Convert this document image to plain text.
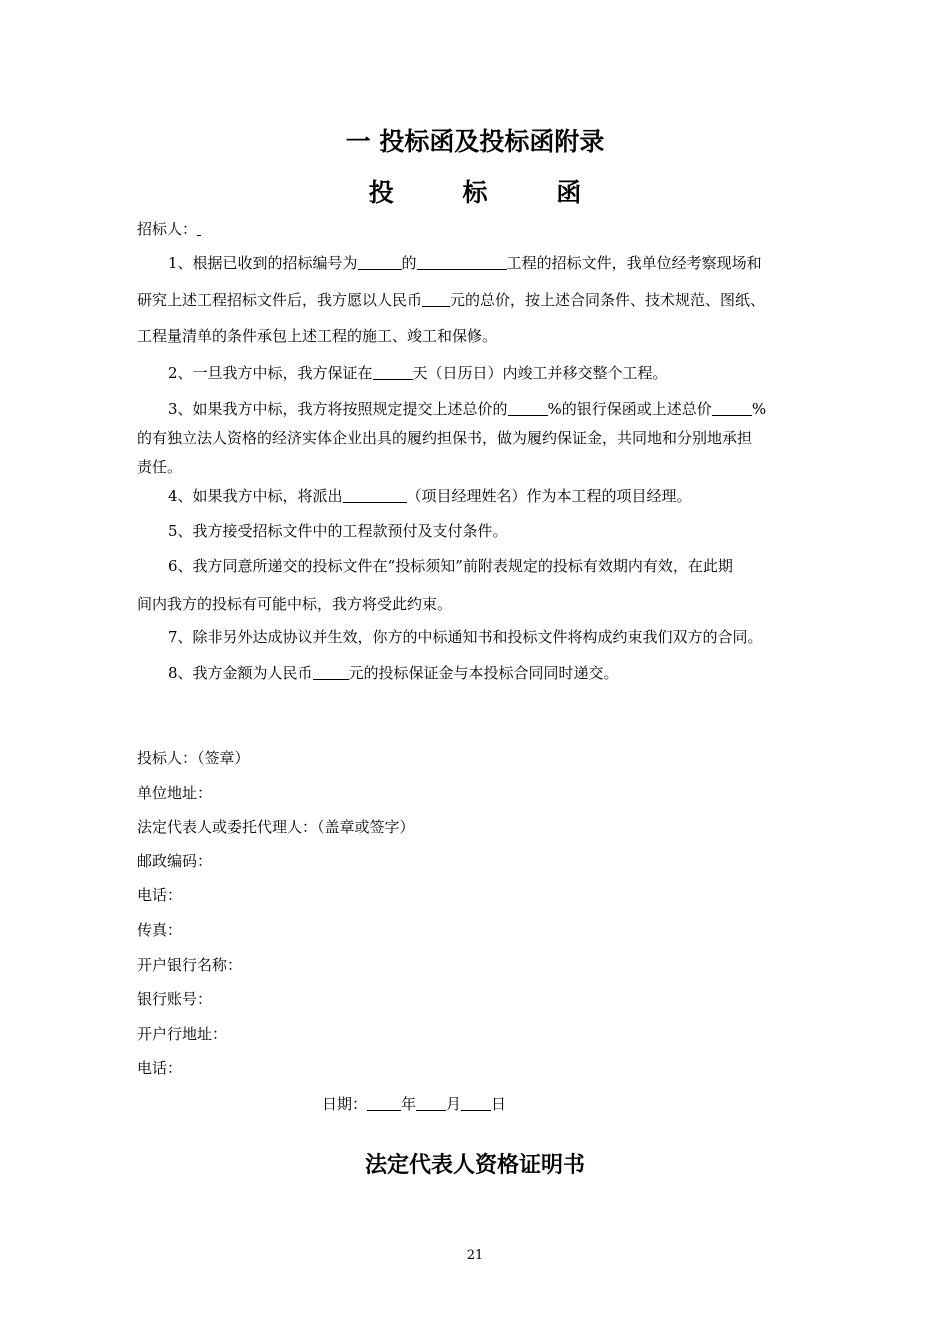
一 投标函及投标函附录
投 标 函
招标人：
1、根据已收到的招标编号为	的	工程的招标文件，我单位经考察现场和
研究上述工程招标文件后，我方愿以人民币 元的总价，按上述合同条件、技术规范、图纸、
工程量清单的条件承包上述工程的施工、竣工和保修。
2、一旦我方中标，我方保证在	天（日历日）内竣工并移交整个工程。
3、如果我方中标，我方将按照规定提交上述总价的	%的银行保函或上述总价	%
的有独立法人资格的经济实体企业出具的履约担保书，做为履约保证金，共同地和分别地承担
责任。
4、如果我方中标，将派出	（项目经理姓名）作为本工程的项目经理。
5、我方接受招标文件中的工程款预付及支付条件。
6、我方同意所递交的投标文件在“投标须知”前附表规定的投标有效期内有效，在此期
间内我方的投标有可能中标，我方将受此约束。
7、除非另外达成协议并生效，你方的中标通知书和投标文件将构成约束我们双方的合同。
8、我方金额为人民币 元的投标保证金与本投标合同同时递交。
投标人：（签章）
单位地址：
法定代表人或委托代理人：（盖章或签字）
邮政编码：
电话：
传真：
开户银行名称：
银行账号：
开户行地址：
电话：
日期： 年 月 日
法定代表人资格证明书
21
